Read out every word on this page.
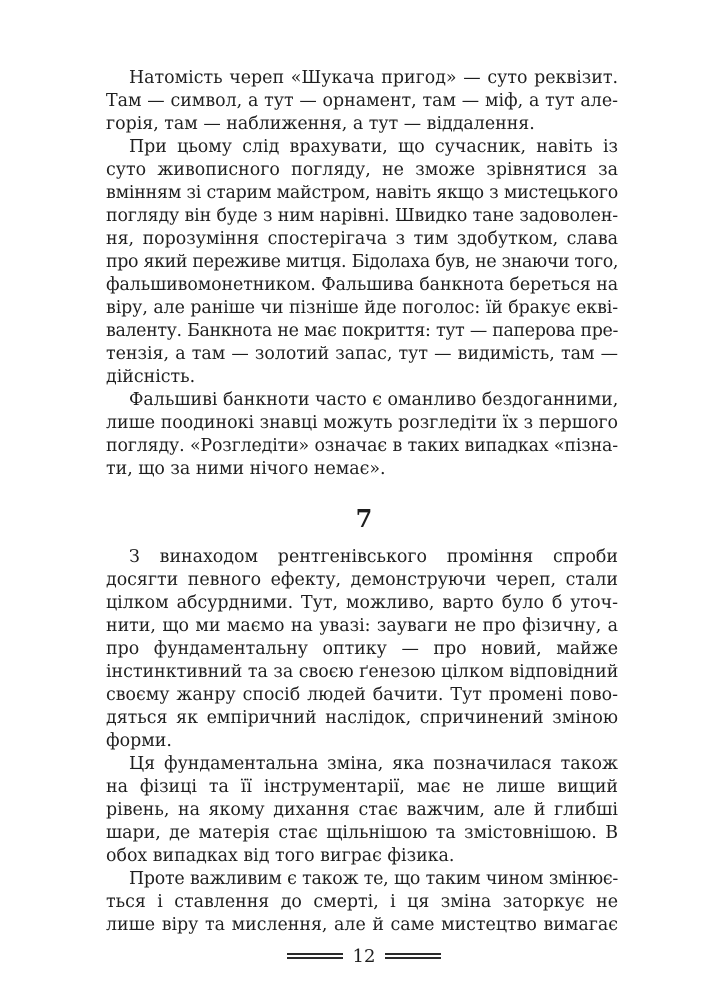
Натомість череп «Шукача пригод» — суто реквізит.
Там — символ, а тут — орнамент, там — міф, а тут але-
горія, там — наближення, а тут — віддалення.
При цьому слід врахувати, що сучасник, навіть із
суто живописного погляду, не зможе зрівнятися за
вмінням зі старим майстром, навіть якщо з мистецького
погляду він буде з ним нарівні. Швидко тане задоволен-
ня, порозуміння спостерігача з тим здобутком, слава
про який переживе митця. Бідолаха був, не знаючи того,
фальшивомонетником. Фальшива банкнота береться на
віру, але раніше чи пізніше йде поголос: їй бракує екві-
валенту. Банкнота не має покриття: тут — паперова пре-
тензія, а там — золотий запас, тут — видимість, там —
дійсність.
Фальшиві банкноти часто є оманливо бездоганними,
лише поодинокі знавці можуть розгледіти їх з першого
погляду. «Розгледіти» означає в таких випадках «пізна-
ти, що за ними нічого немає».
7
З винаходом рентгенівського проміння спроби
досягти певного ефекту, демонструючи череп, стали
цілком абсурдними. Тут, можливо, варто було б уточ-
нити, що ми маємо на увазі: зауваги не про фізичну, а
про фундаментальну оптику — про новий, майже
інстинктивний та за своєю ґенезою цілком відповідний
своєму жанру спосіб людей бачити. Тут промені пово-
дяться як емпіричний наслідок, спричинений зміною
форми.
Ця фундаментальна зміна, яка позначилася також
на фізиці та її інструментарії, має не лише вищий
рівень, на якому дихання стає важчим, але й глибші
шари, де матерія стає щільнішою та змістовнішою. В
обох випадках від того виграє фізика.
Проте важливим є також те, що таким чином змінює-
ться і ставлення до смерті, і ця зміна заторкує не
лише віру та мислення, але й саме мистецтво вимагає
12
